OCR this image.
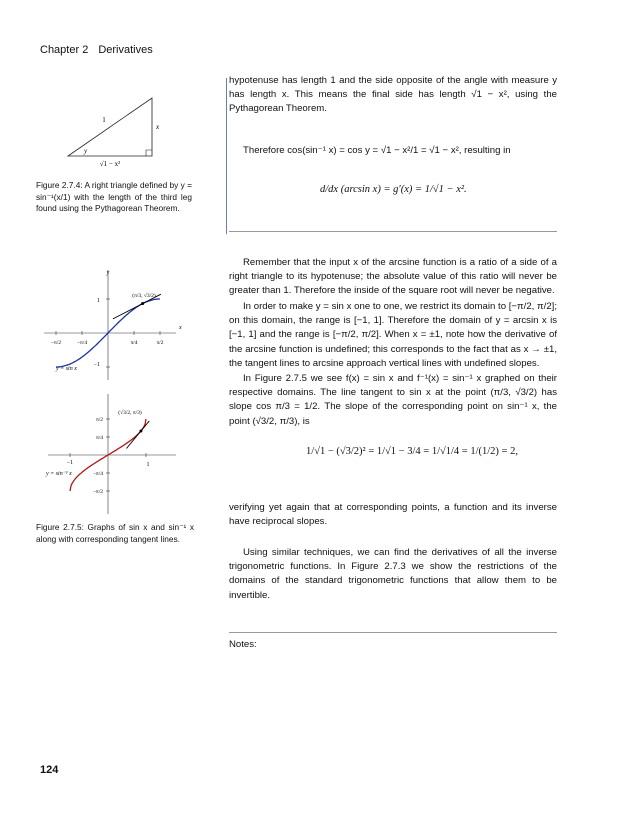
Chapter 2 Derivatives
1
x
y
√1 − x²
Figure 2.7.4: A right triangle defined by y = sin⁻¹(x/1) with the length of the third leg found using the Pythagorean Theorem.
x
y
1
−1
−π/2	−π/4	π/4	π/2
(π/3, √3/2)
y = sin x
π/2
π/4
−π/4
−π/2
−1	1
(√3/2, π/3)
y = sin⁻¹ x
Figure 2.7.5: Graphs of sin x and sin⁻¹ x along with corresponding tangent lines.
hypotenuse has length 1 and the side opposite of the angle with measure y has length x. This means the final side has length √1 − x², using the Pythagorean Theorem.
Therefore cos(sin⁻¹ x) = cos y = √1 − x²/1 = √1 − x², resulting in
d/dx (arcsin x) = g′(x) = 1/√1 − x².
Remember that the input x of the arcsine function is a ratio of a side of a right triangle to its hypotenuse; the absolute value of this ratio will never be greater than 1. Therefore the inside of the square root will never be negative.
In order to make y = sin x one to one, we restrict its domain to [−π/2, π/2]; on this domain, the range is [−1, 1]. Therefore the domain of y = arcsin x is [−1, 1] and the range is [−π/2, π/2]. When x = ±1, note how the derivative of the arcsine function is undefined; this corresponds to the fact that as x → ±1, the tangent lines to arcsine approach vertical lines with undefined slopes.
In Figure 2.7.5 we see f(x) = sin x and f⁻¹(x) = sin⁻¹ x graphed on their respective domains. The line tangent to sin x at the point (π/3, √3/2) has slope cos π/3 = 1/2. The slope of the corresponding point on sin⁻¹ x, the point (√3/2, π/3), is
1/√1 − (√3/2)² = 1/√1 − 3/4 = 1/√1/4 = 1/(1/2) = 2,
verifying yet again that at corresponding points, a function and its inverse have reciprocal slopes.
Using similar techniques, we can find the derivatives of all the inverse trigonometric functions. In Figure 2.7.3 we show the restrictions of the domains of the standard trigonometric functions that allow them to be invertible.
Notes:
124
